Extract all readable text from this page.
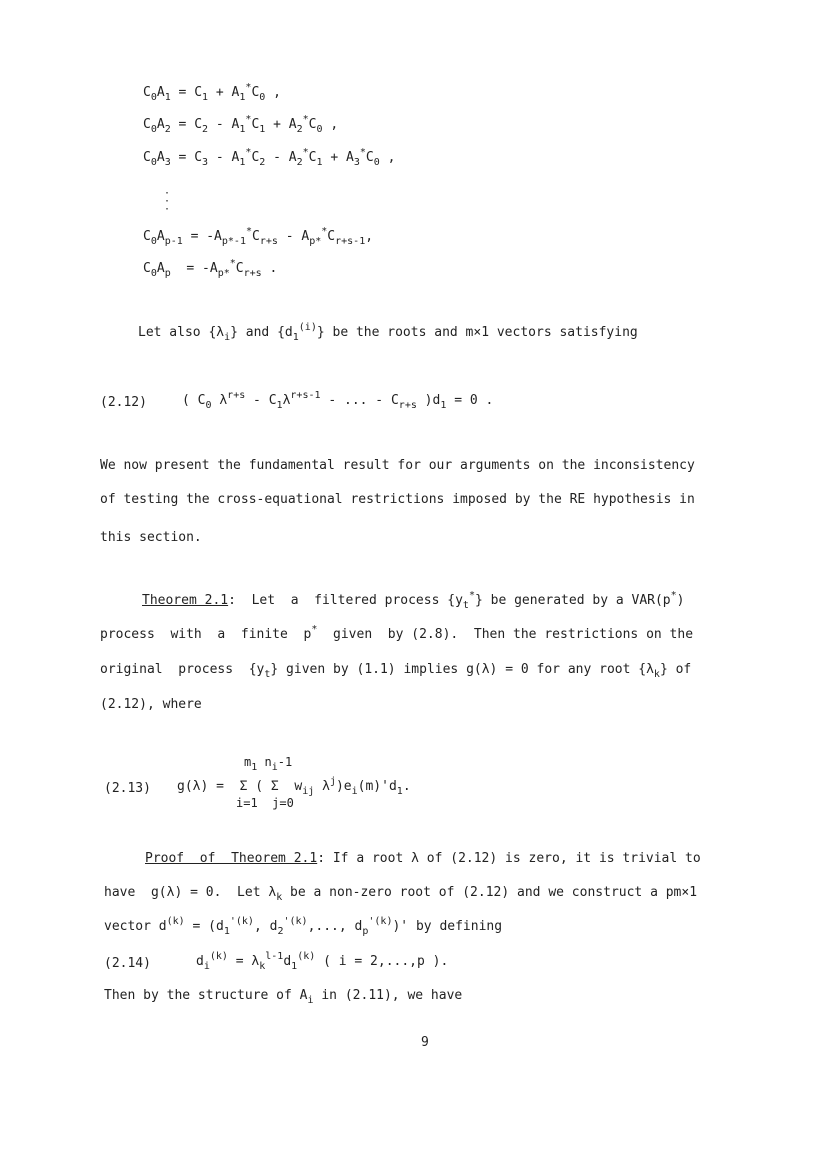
$C_0A_1 = C_1 + A_1^*C_0$ ,
$C_0A_2 = C_2 - A_1^*C_1 + A_2^*C_0$ ,
$C_0A_3 = C_3 - A_1^*C_2 - A_2^*C_1 + A_3^*C_0$ ,
·
·
·
$C_0A_{p-1} = -A_{p*-1}^*C_{r+s} - A_{p*}^*C_{r+s-1}$,
$C_0A_p = -A_{p*}^*C_{r+s}$ .
Let also $\{\lambda_i\}$ and $\{d_1^{(i)}\}$ be the roots and m×1 vectors satisfying
(2.12)	( $C_0$ $\lambda^{r+s} - C_1\lambda^{r+s-1}$ - ... - $C_{r+s}$ )$d_1 = 0$ .
We now present the fundamental result for our arguments on the inconsistency
of testing the cross-equational restrictions imposed by the RE hypothesis in
this section.
Theorem 2.1:  Let  a  filtered process $\{y_t^*\}$ be generated by a VAR(p*)
process  with  a  finite  p*  given  by (2.8).  Then the restrictions on the
original  process  $\{y_t\}$ given by (1.1) implies g(λ) = 0 for any root $\{\lambda_k\}$ of
(2.12), where
$m_1$ $n_i-1$
(2.13) g(λ) =  Σ ( Σ  $w_{ij}$ $\lambda^j)e_i(m)'d_1$.
i=1  j=0
Proof  of  Theorem 2.1: If a root λ of (2.12) is zero, it is trivial to
have  g(λ) = 0.  Let $\lambda_k$ be a non-zero root of (2.12) and we construct a pm×1
vector $d^{(k)} = (d_1^{'(k)}$, $d_2^{'(k)}$,..., $d_p^{'(k)})'$ by defining
(2.14)	$d_i^{(k)} = \lambda_k^{l-1}d_1^{(k)}$ ( i = 2,...,p ).
Then by the structure of $A_i$ in (2.11), we have
9
